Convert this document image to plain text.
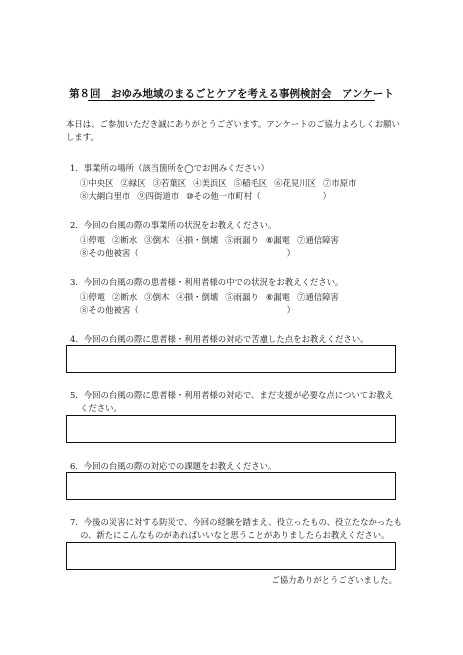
第８回　おゆみ地域のまるごとケアを考える事例検討会　アンケート
本日は、ご参加いただき誠にありがとうございます。アンケートのご協力よろしくお願い
します。
1．事業所の場所（該当箇所を◯でお囲みください）
①中央区 ②緑区 ③若葉区 ④美浜区 ⑤稲毛区 ⑥花見川区 ⑦市原市
⑧大網白里市 ⑨四街道市 ⑩その他一市町村（	）
2．今回の台風の際の事業所の状況をお教えください。
①停電 ②断水 ③倒木 ④損・倒壊 ⑤雨漏り ⑥漏電 ⑦通信障害
⑧その他被害（	）
3．今回の台風の際の患者様・利用者様の中での状況をお教えください。
①停電 ②断水 ③倒木 ④損・倒壊 ⑤雨漏り ⑥漏電 ⑦通信障害
⑧その他被害（	）
4．今回の台風の際に患者様・利用者様の対応で苦慮した点をお教えください。
5．今回の台風の際に患者様・利用者様の対応で、まだ支援が必要な点についてお教え
ください。
6．今回の台風の際の対応での課題をお教えください。
7．今後の災害に対する防災で、今回の経験を踏まえ、役立ったもの、役立たなかったも
の、新たにこんなものがあればいいなと思うことがありましたらお教えください。
ご協力ありがとうございました。
